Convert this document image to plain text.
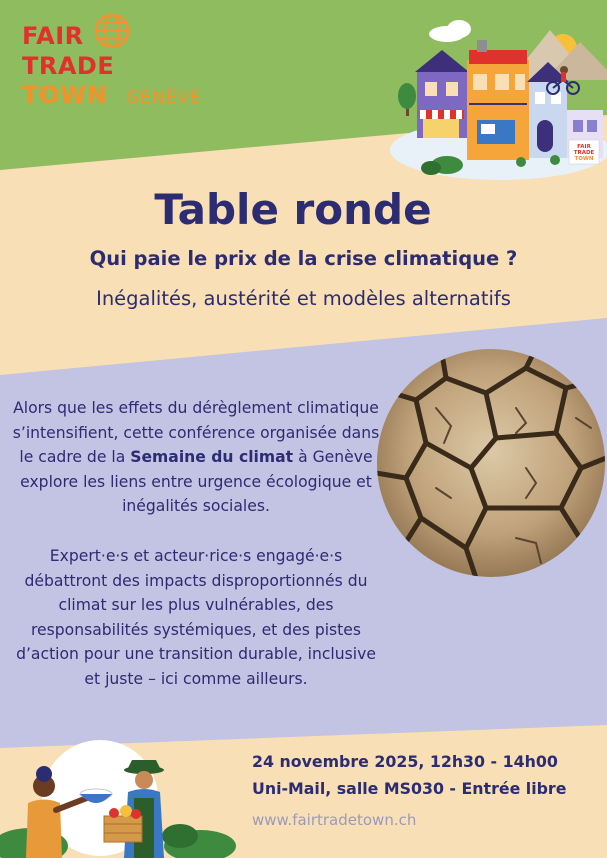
FAIR
TRADE
TOWN GENÈVE
FAIR
TRADE
TOWN
Table ronde
Qui paie le prix de la crise climatique ?
Inégalités, austérité et modèles alternatifs
Alors que les effets du dérèglement climatique s’intensifient, cette conférence organisée dans le cadre de la Semaine du climat à Genève explore les liens entre urgence écologique et inégalités sociales.
Expert·e·s et acteur·rice·s engagé·e·s débattront des impacts disproportionnés du climat sur les plus vulnérables, des responsabilités systémiques, et des pistes d’action pour une transition durable, inclusive et juste – ici comme ailleurs.
24 novembre 2025, 12h30 - 14h00
Uni-Mail, salle MS030 - Entrée libre
www.fairtradetown.ch
